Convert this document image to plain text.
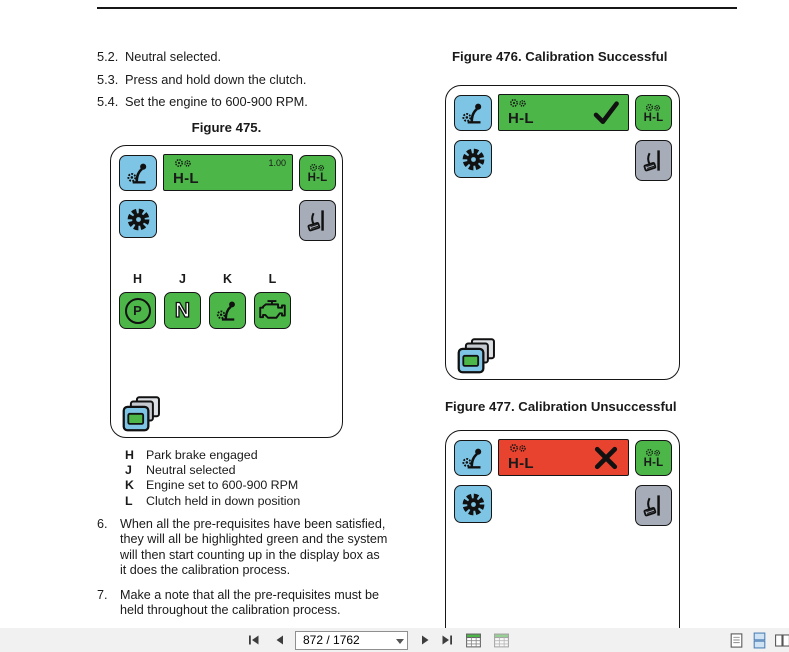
5.2. Neutral selected.
5.3. Press and hold down the clutch.
5.4. Set the engine to 600-900 RPM.
Figure 475.
H-L
1.00
H-L
H	J	K	L
P N
H Park brake engaged
J Neutral selected
K Engine set to 600-900 RPM
L Clutch held in down position
6. When all the pre-requisites have been satisfied, they will all be highlighted green and the system will then start counting up in the display box as it does the calibration process.
7. Make a note that all the pre-requisites must be held throughout the calibration process.
Figure 476. Calibration Successful
H-L	H-L
Figure 477. Calibration Unsuccessful
H-L	H-L
872 / 1762
